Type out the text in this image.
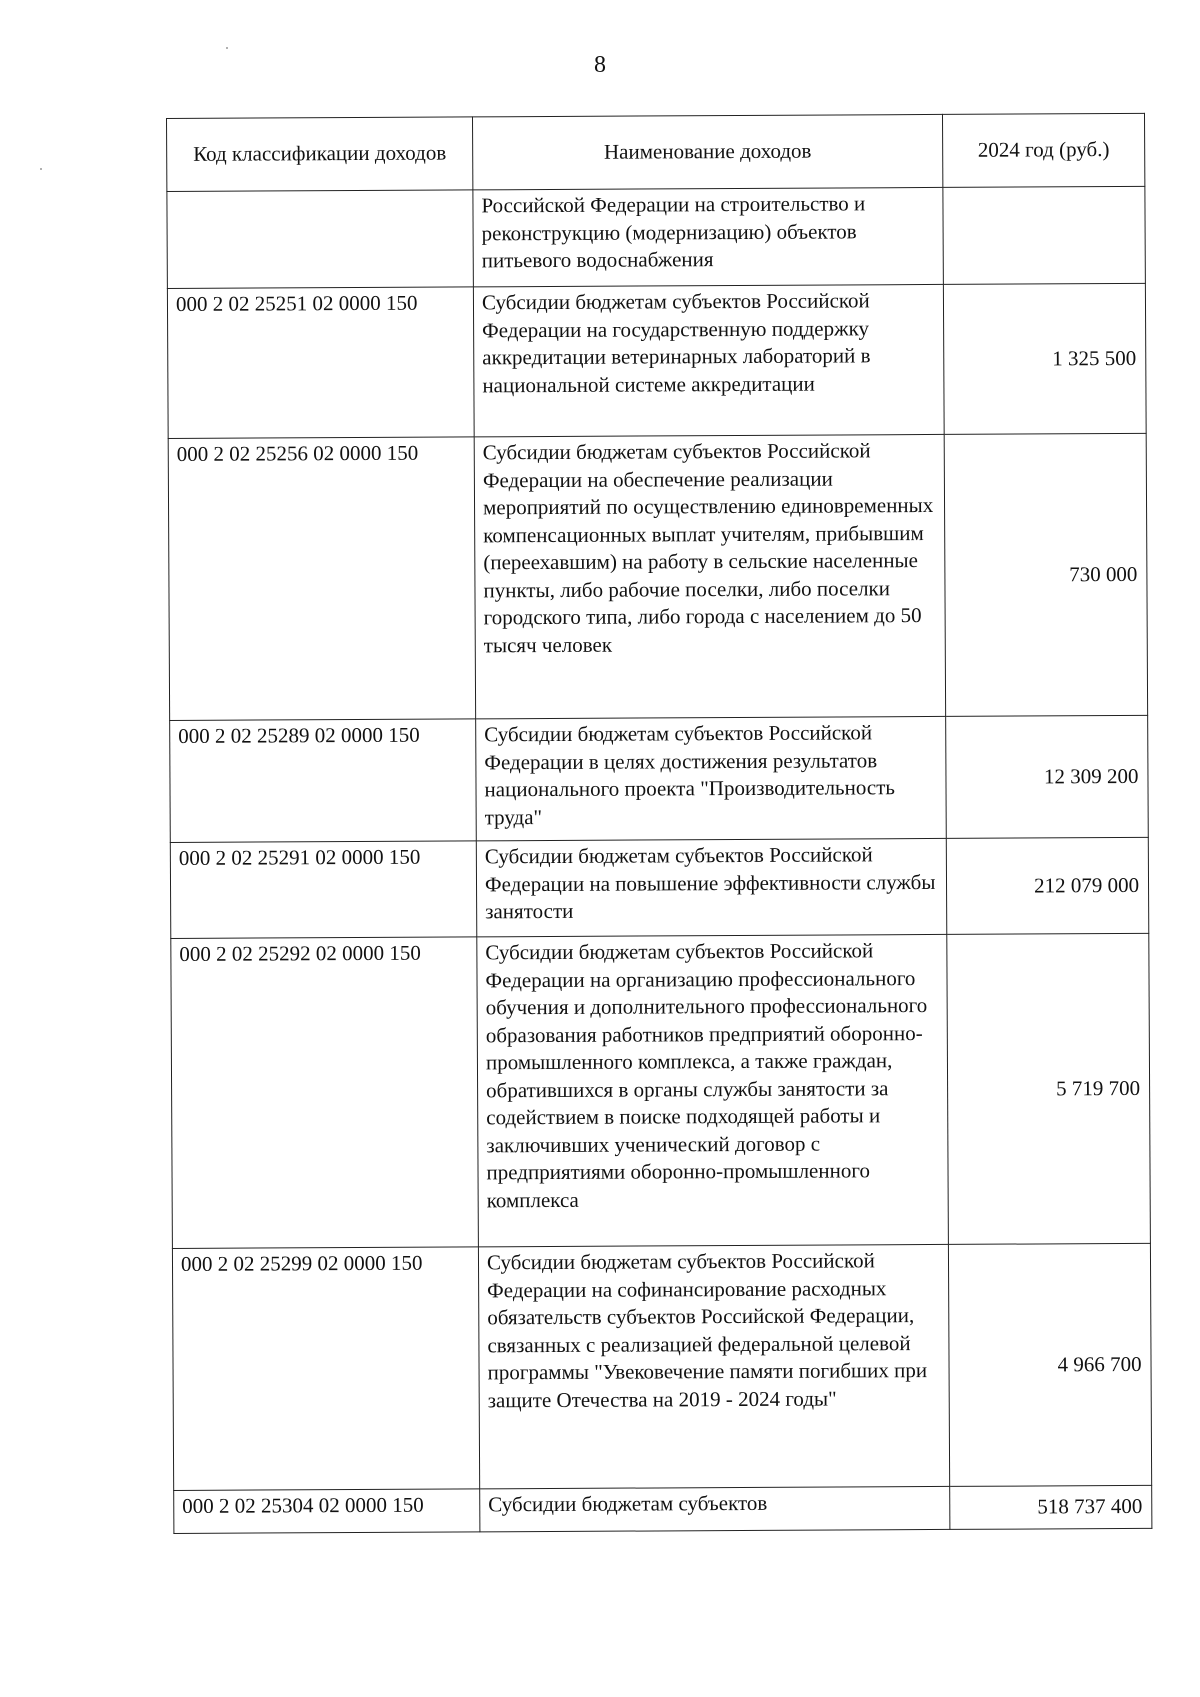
8
Код классификации доходов	Наименование доходов	2024 год (руб.)
	Российской Федерации на строительство и реконструкцию (модернизацию) объектов питьевого водоснабжения	
000 2 02 25251 02 0000 150	Субсидии бюджетам субъектов Российской Федерации на государственную поддержку аккредитации ветеринарных лабораторий в национальной системе аккредитации	1 325 500
000 2 02 25256 02 0000 150	Субсидии бюджетам субъектов Российской Федерации на обеспечение реализации мероприятий по осуществлению единовременных компенсационных выплат учителям, прибывшим (переехавшим) на работу в сельские населенные пункты, либо рабочие поселки, либо поселки городского типа, либо города с населением до 50 тысяч человек	730 000
000 2 02 25289 02 0000 150	Субсидии бюджетам субъектов Российской Федерации в целях достижения результатов национального проекта "Производительность труда"	12 309 200
000 2 02 25291 02 0000 150	Субсидии бюджетам субъектов Российской Федерации на повышение эффективности службы занятости	212 079 000
000 2 02 25292 02 0000 150	Субсидии бюджетам субъектов Российской Федерации на организацию профессионального обучения и дополнительного профессионального образования работников предприятий оборонно-промышленного комплекса, а также граждан, обратившихся в органы службы занятости за содействием в поиске подходящей работы и заключивших ученический договор с предприятиями оборонно-промышленного комплекса	5 719 700
000 2 02 25299 02 0000 150	Субсидии бюджетам субъектов Российской Федерации на софинансирование расходных обязательств субъектов Российской Федерации, связанных с реализацией федеральной целевой программы "Увековечение памяти погибших при защите Отечества на 2019 - 2024 годы"	4 966 700
000 2 02 25304 02 0000 150	Субсидии бюджетам субъектов	518 737 400
